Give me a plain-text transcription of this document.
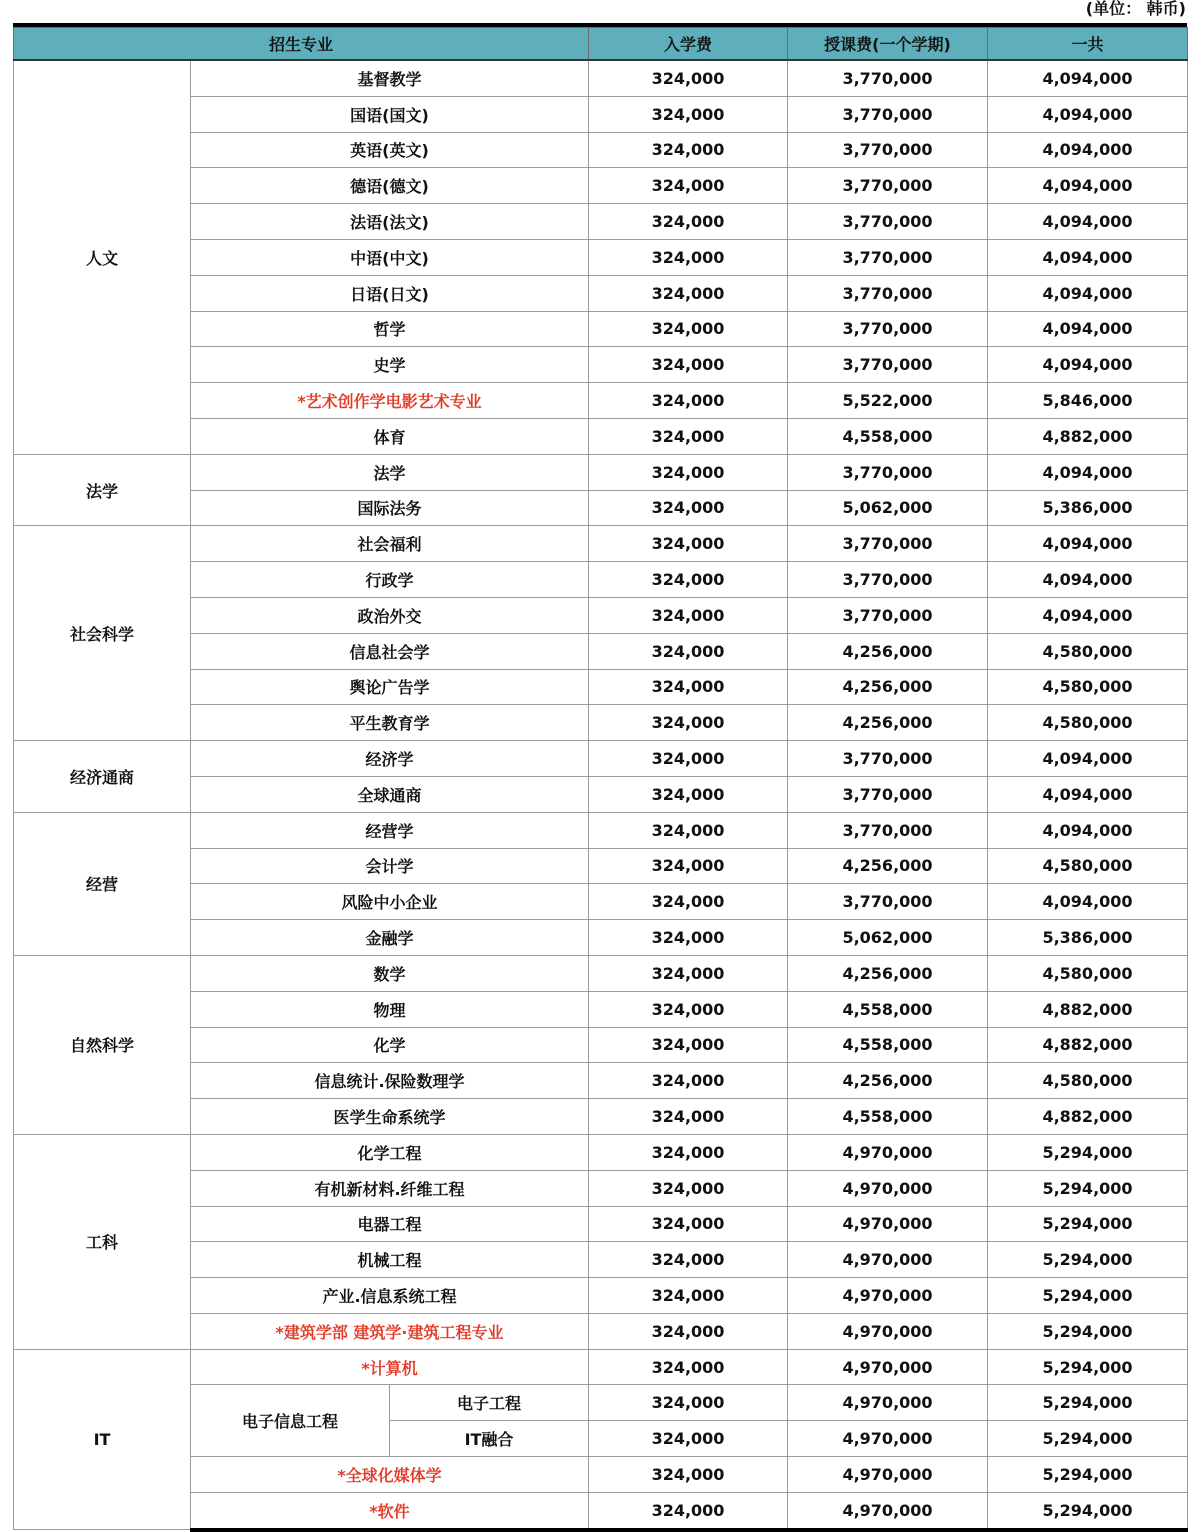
(单位： 韩币)
招生专业			入学费	授课费(一个学期)	一共
人文	基督教学		324,000	3,770,000	4,094,000
	国语(国文)		324,000	3,770,000	4,094,000
	英语(英文)		324,000	3,770,000	4,094,000
	德语(德文)		324,000	3,770,000	4,094,000
	法语(法文)		324,000	3,770,000	4,094,000
	中语(中文)		324,000	3,770,000	4,094,000
	日语(日文)		324,000	3,770,000	4,094,000
	哲学		324,000	3,770,000	4,094,000
	史学		324,000	3,770,000	4,094,000
	*艺术创作学电影艺术专业		324,000	5,522,000	5,846,000
	体育		324,000	4,558,000	4,882,000
法学	法学		324,000	3,770,000	4,094,000
	国际法务		324,000	5,062,000	5,386,000
社会科学	社会福利		324,000	3,770,000	4,094,000
	行政学		324,000	3,770,000	4,094,000
	政治外交		324,000	3,770,000	4,094,000
	信息社会学		324,000	4,256,000	4,580,000
	舆论广告学		324,000	4,256,000	4,580,000
	平生教育学		324,000	4,256,000	4,580,000
经济通商	经济学		324,000	3,770,000	4,094,000
	全球通商		324,000	3,770,000	4,094,000
经营	经营学		324,000	3,770,000	4,094,000
	会计学		324,000	4,256,000	4,580,000
	风险中小企业		324,000	3,770,000	4,094,000
	金融学		324,000	5,062,000	5,386,000
自然科学	数学		324,000	4,256,000	4,580,000
	物理		324,000	4,558,000	4,882,000
	化学		324,000	4,558,000	4,882,000
	信息统计.保险数理学		324,000	4,256,000	4,580,000
	医学生命系统学		324,000	4,558,000	4,882,000
工科	化学工程		324,000	4,970,000	5,294,000
	有机新材料.纤维工程		324,000	4,970,000	5,294,000
	电器工程		324,000	4,970,000	5,294,000
	机械工程		324,000	4,970,000	5,294,000
	产业.信息系统工程		324,000	4,970,000	5,294,000
	*建筑学部 建筑学·建筑工程专业		324,000	4,970,000	5,294,000
IT	*计算机		324,000	4,970,000	5,294,000
	电子信息工程	电子工程	324,000	4,970,000	5,294,000
		IT融合	324,000	4,970,000	5,294,000
	*全球化媒体学		324,000	4,970,000	5,294,000
	*软件		324,000	4,970,000	5,294,000
